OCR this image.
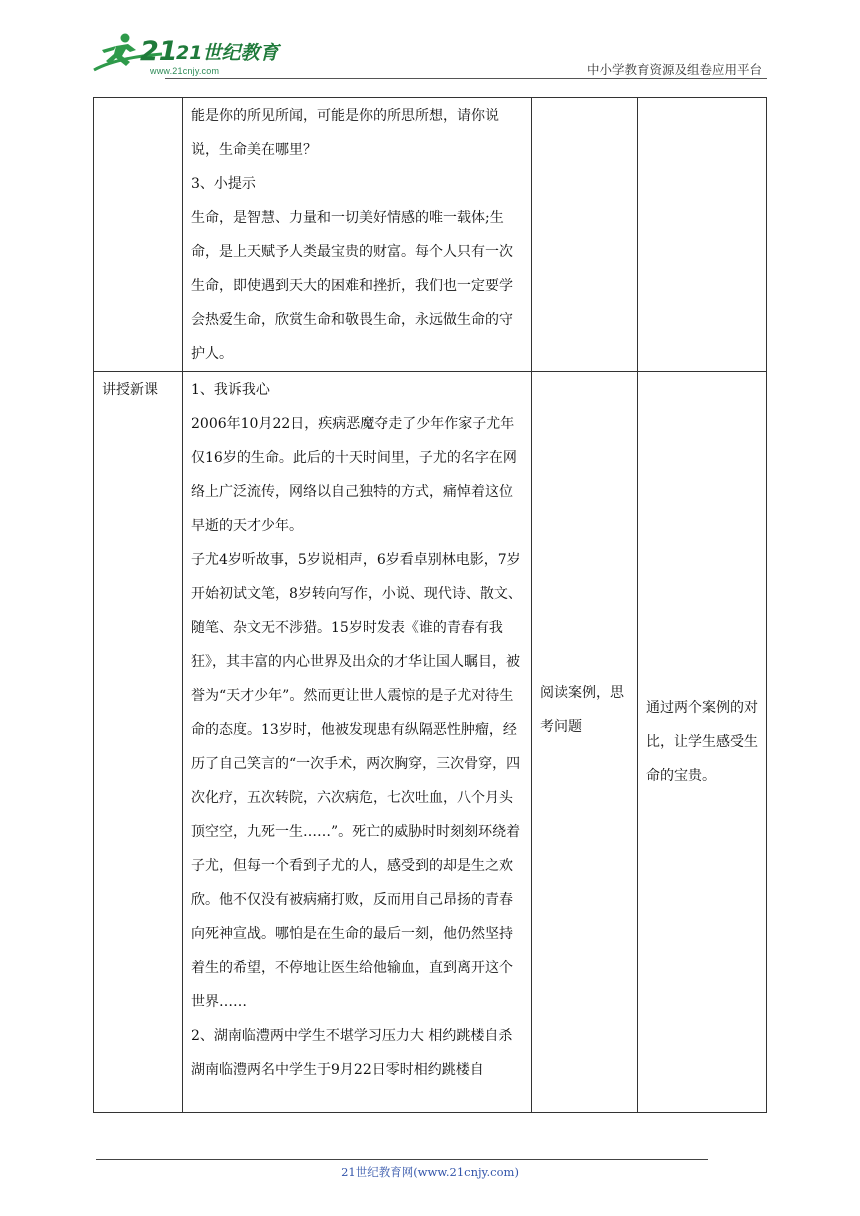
21
21世纪教育
www.21cnjy.com	中小学教育资源及组卷应用平台

	能是你的所见所闻，可能是你的所思所想，请你说说，生命美在哪里？
3、小提示
生命，是智慧、力量和一切美好情感的唯一载体;生命，是上天赋予人类最宝贵的财富。每个人只有一次生命，即使遇到天大的困难和挫折，我们也一定要学会热爱生命，欣赏生命和敬畏生命，永远做生命的守护人。		

讲授新课	1、我诉我心
2006年10月22日，疾病恶魔夺走了少年作家子尤年仅16岁的生命。此后的十天时间里，子尤的名字在网络上广泛流传，网络以自己独特的方式，痛悼着这位早逝的天才少年。
子尤4岁听故事，5岁说相声，6岁看卓别林电影，7岁开始初试文笔，8岁转向写作，小说、现代诗、散文、随笔、杂文无不涉猎。15岁时发表《谁的青春有我狂》，其丰富的内心世界及出众的才华让国人瞩目，被誉为“天才少年”。然而更让世人震惊的是子尤对待生命的态度。13岁时，他被发现患有纵隔恶性肿瘤，经历了自己笑言的“一次手术，两次胸穿，三次骨穿，四次化疗，五次转院，六次病危，七次吐血，八个月头顶空空，九死一生……”。死亡的威胁时时刻刻环绕着子尤，但每一个看到子尤的人，感受到的却是生之欢欣。他不仅没有被病痛打败，反而用自己昂扬的青春向死神宣战。哪怕是在生命的最后一刻，他仍然坚持着生的希望，不停地让医生给他输血，直到离开这个世界……
2、湖南临澧两中学生不堪学习压力大 相约跳楼自杀
湖南临澧两名中学生于9月22日零时相约跳楼自	阅读案例，思考问题	通过两个案例的对比，让学生感受生命的宝贵。
21世纪教育网(www.21cnjy.com)
